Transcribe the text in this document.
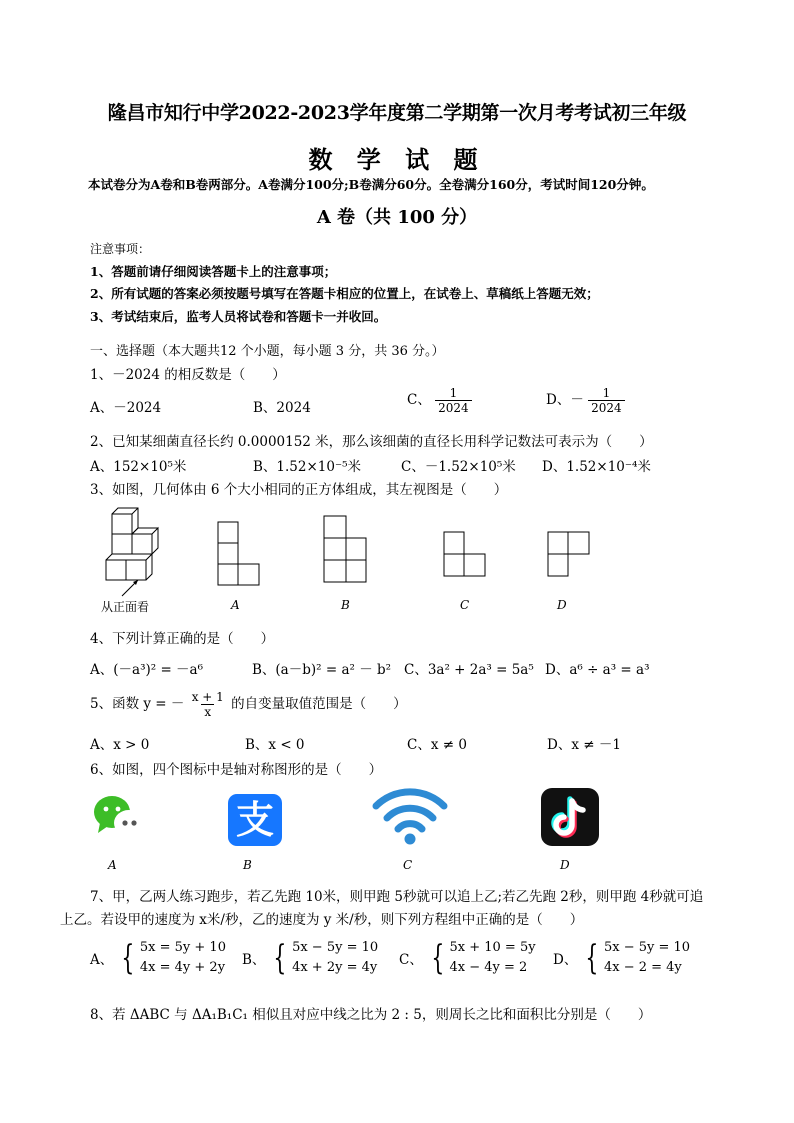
隆昌市知行中学2022-2023学年度第二学期第一次月考考试初三年级
数 学 试 题
本试卷分为A卷和B卷两部分。A卷满分100分;B卷满分60分。全卷满分160分，考试时间120分钟。
A 卷（共 100 分）
注意事项：
1、答题前请仔细阅读答题卡上的注意事项；
2、所有试题的答案必须按题号填写在答题卡相应的位置上，在试卷上、草稿纸上答题无效；
3、考试结束后，监考人员将试卷和答题卡一并收回。
一、选择题（本大题共12 个小题，每小题 3 分，共 36 分。）
1、－2024 的相反数是（　　）
A、－2024	B、2024	C、 $\frac{1}{2024}$	D、－ $\frac{1}{2024}$
2、已知某细菌直径长约 0.0000152 米，那么该细菌的直径长用科学记数法可表示为（　　）
A、152×10⁵米	B、1.52×10⁻⁵米	C、－1.52×10⁵米 D、1.52×10⁻⁴米
3、如图，几何体由 6 个大小相同的正方体组成，其左视图是（　　）
从正面看	A	B	C	D
4、下列计算正确的是（　　）
A、(－a³)² = －a⁶	B、(a－b)² = a² － b² C、3a² + 2a³ = 5a⁵ D、a⁶ ÷ a³ = a³
5、函数 y = － $\frac{x + 1}{x}$ 的自变量取值范围是（　　）
A、x > 0	B、x < 0	C、x ≠ 0	D、x ≠ －1
6、如图，四个图标中是轴对称图形的是（　　）
A
支
B	C	D
7、甲，乙两人练习跑步，若乙先跑 10米，则甲跑 5秒就可以追上乙;若乙先跑 2秒，则甲跑 4秒就可追
上乙。若设甲的速度为 x米/秒，乙的速度为 y 米/秒，则下列方程组中正确的是（　　）
A、 { 5x = 5y + 10
4x = 4y + 2y B、 { 5x − 5y = 10
4x + 2y = 4y C、 { 5x + 10 = 5y
4x − 4y = 2	D、 { 5x − 5y = 10
4x − 2 = 4y
8、若 ΔABC 与 ΔA₁B₁C₁ 相似且对应中线之比为 2 : 5，则周长之比和面积比分别是（　　）
